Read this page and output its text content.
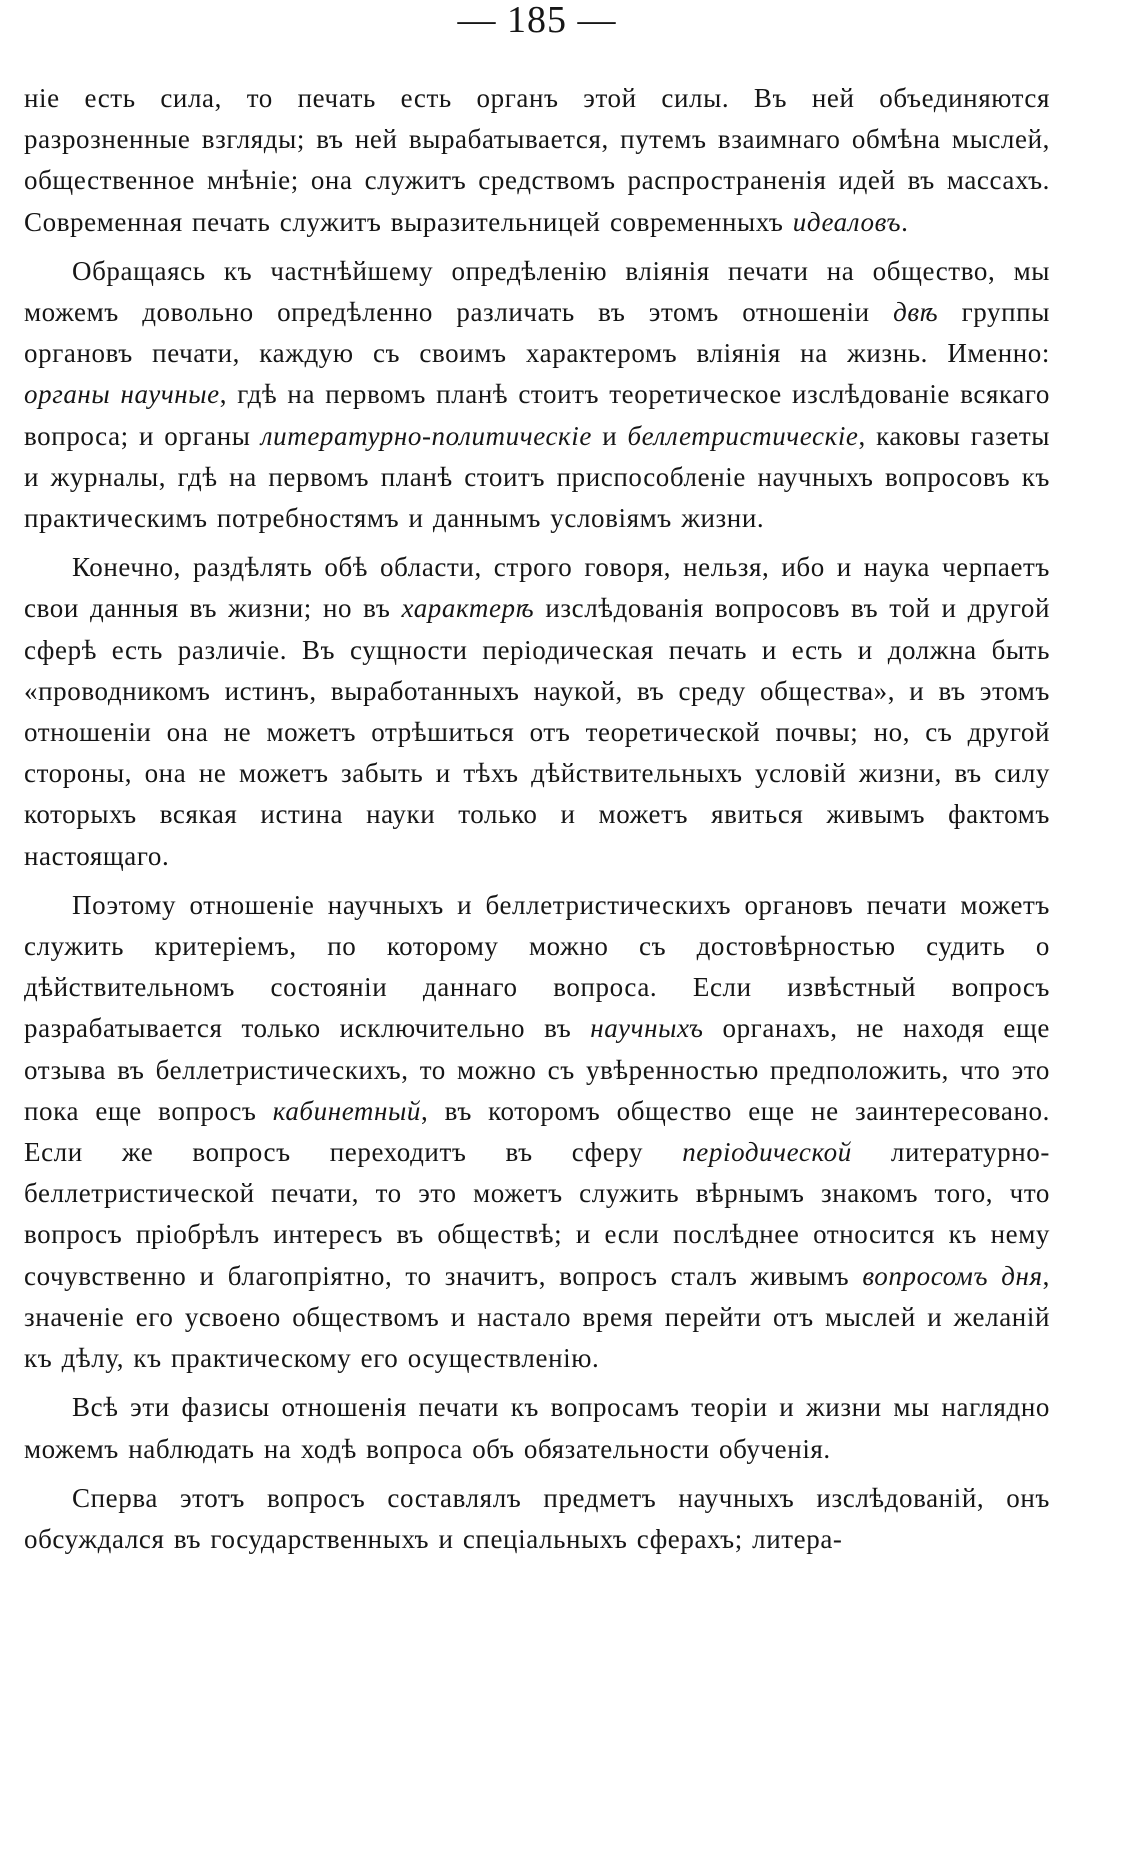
— 185 —

ніе есть сила, то печать есть органъ этой силы. Въ ней объединяются разрозненные взгляды; въ ней вырабатывается, путемъ взаимнаго обмѣна мыслей, общественное мнѣніе; она служитъ средствомъ распространенія идей въ массахъ. Современная печать служитъ выразительницей современныхъ идеаловъ.

Обращаясь къ частнѣйшему опредѣленію вліянія печати на общество, мы можемъ довольно опредѣленно различать въ этомъ отношеніи двѣ группы органовъ печати, каждую съ своимъ характеромъ вліянія на жизнь. Именно: органы научные, гдѣ на первомъ планѣ стоитъ теоретическое изслѣдованіе всякаго вопроса; и органы литературно-политическіе и беллетристическіе, каковы газеты и журналы, гдѣ на первомъ планѣ стоитъ приспособленіе научныхъ вопросовъ къ практическимъ потребностямъ и даннымъ условіямъ жизни.

Конечно, раздѣлять обѣ области, строго говоря, нельзя, ибо и наука черпаетъ свои данныя въ жизни; но въ характерѣ изслѣдованія вопросовъ въ той и другой сферѣ есть различіе. Въ сущности періодическая печать и есть и должна быть «проводникомъ истинъ, выработанныхъ наукой, въ среду общества», и въ этомъ отношеніи она не можетъ отрѣшиться отъ теоретической почвы; но, съ другой стороны, она не можетъ забыть и тѣхъ дѣйствительныхъ условій жизни, въ силу которыхъ всякая истина науки только и можетъ явиться живымъ фактомъ настоящаго.

Поэтому отношеніе научныхъ и беллетристическихъ органовъ печати можетъ служить критеріемъ, по которому можно съ достовѣрностью судить о дѣйствительномъ состояніи даннаго вопроса. Если извѣстный вопросъ разрабатывается только исключительно въ научныхъ органахъ, не находя еще отзыва въ беллетристическихъ, то можно съ увѣренностью предположить, что это пока еще вопросъ кабинетный, въ которомъ общество еще не заинтересовано. Если же вопросъ переходитъ въ сферу періодической литературно-беллетристической печати, то это можетъ служить вѣрнымъ знакомъ того, что вопросъ пріобрѣлъ интересъ въ обществѣ; и если послѣднее относится къ нему сочувственно и благопріятно, то значитъ, вопросъ сталъ живымъ вопросомъ дня, значеніе его усвоено обществомъ и настало время перейти отъ мыслей и желаній къ дѣлу, къ практическому его осуществленію.

Всѣ эти фазисы отношенія печати къ вопросамъ теоріи и жизни мы наглядно можемъ наблюдать на ходѣ вопроса объ обязательности обученія.

Сперва этотъ вопросъ составлялъ предметъ научныхъ изслѣдованій, онъ обсуждался въ государственныхъ и спеціальныхъ сферахъ; литера-
